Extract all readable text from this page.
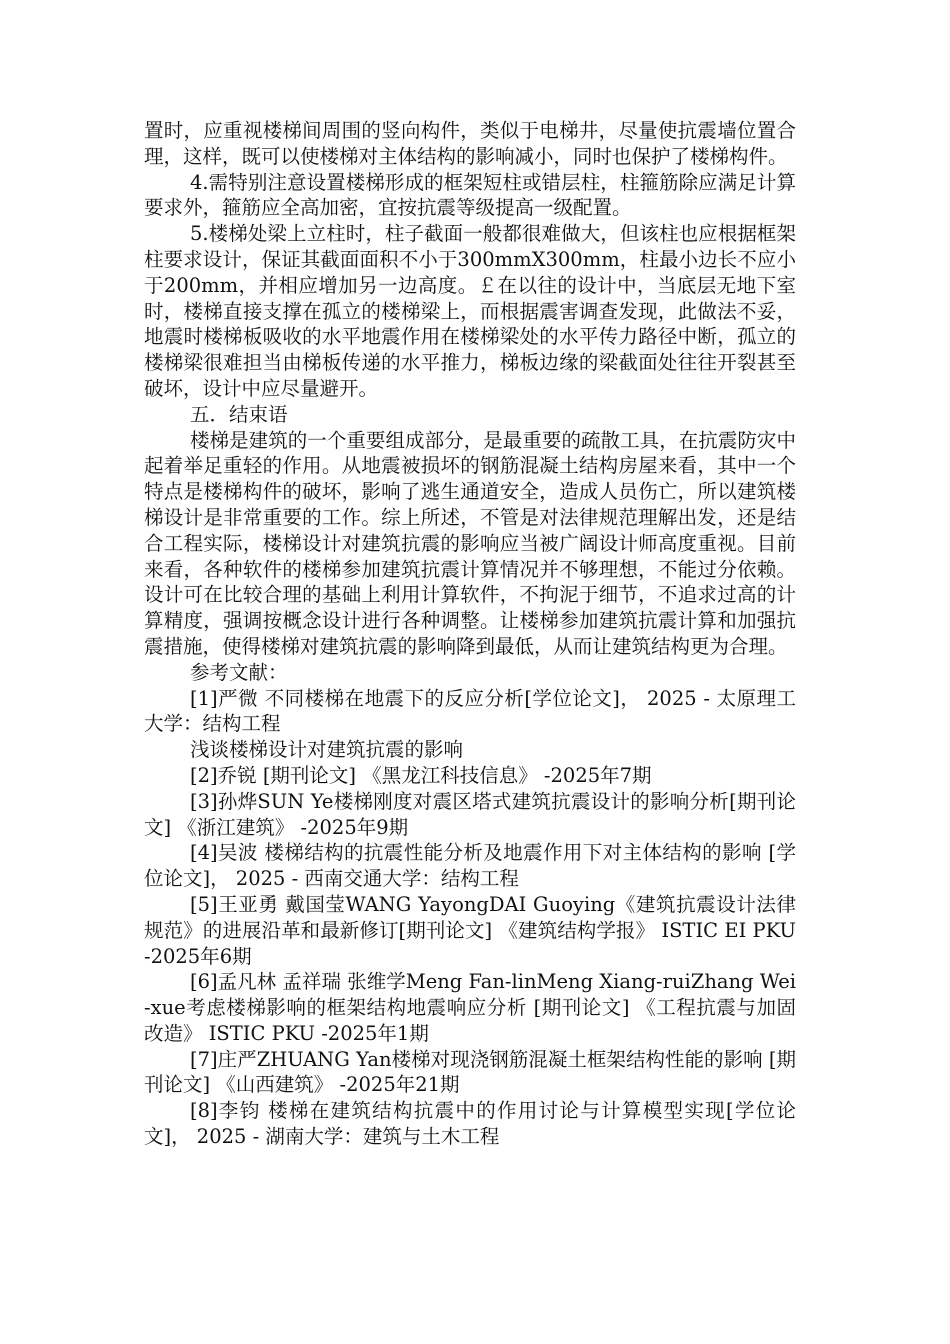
置时，应重视楼梯间周围的竖向构件，类似于电梯井，尽量使抗震墙位置合理，这样，既可以使楼梯对主体结构的影响减小，同时也保护了楼梯构件。

4.需特别注意设置楼梯形成的框架短柱或错层柱，柱箍筋除应满足计算要求外，箍筋应全高加密，宜按抗震等级提高一级配置。

5.楼梯处梁上立柱时，柱子截面一般都很难做大，但该柱也应根据框架柱要求设计，保证其截面面积不小于300mmX300mm，柱最小边长不应小于200mm，并相应增加另一边高度。￡在以往的设计中，当底层无地下室时，楼梯直接支撑在孤立的楼梯梁上，而根据震害调查发现，此做法不妥，地震时楼梯板吸收的水平地震作用在楼梯梁处的水平传力路径中断，孤立的楼梯梁很难担当由梯板传递的水平推力，梯板边缘的梁截面处往往开裂甚至破坏，设计中应尽量避开。

五．结束语

楼梯是建筑的一个重要组成部分，是最重要的疏散工具，在抗震防灾中起着举足重轻的作用。从地震被损坏的钢筋混凝土结构房屋来看，其中一个特点是楼梯构件的破坏，影响了逃生通道安全，造成人员伤亡，所以建筑楼梯设计是非常重要的工作。综上所述，不管是对法律规范理解出发，还是结合工程实际，楼梯设计对建筑抗震的影响应当被广阔设计师高度重视。目前来看，各种软件的楼梯参加建筑抗震计算情况并不够理想，不能过分依赖。设计可在比较合理的基础上利用计算软件，不拘泥于细节，不追求过高的计算精度，强调按概念设计进行各种调整。让楼梯参加建筑抗震计算和加强抗震措施，使得楼梯对建筑抗震的影响降到最低，从而让建筑结构更为合理。

参考文献：

[1]严微 不同楼梯在地震下的反应分析[学位论文]， 2025 - 太原理工大学：结构工程

浅谈楼梯设计对建筑抗震的影响

[2]乔锐 [期刊论文] 《黑龙江科技信息》 -2025年7期

[3]孙烨SUN Ye楼梯刚度对震区塔式建筑抗震设计的影响分析[期刊论文] 《浙江建筑》 -2025年9期

[4]吴波 楼梯结构的抗震性能分析及地震作用下对主体结构的影响 [学位论文]， 2025 - 西南交通大学：结构工程

[5]王亚勇 戴国莹WANG YayongDAI Guoying《建筑抗震设计法律规范》的进展沿革和最新修订[期刊论文] 《建筑结构学报》 ISTIC EI PKU -2025年6期

[6]孟凡林 孟祥瑞 张维学Meng Fan-linMeng Xiang-ruiZhang Wei-xue考虑楼梯影响的框架结构地震响应分析 [期刊论文] 《工程抗震与加固改造》 ISTIC PKU -2025年1期

[7]庄严ZHUANG Yan楼梯对现浇钢筋混凝土框架结构性能的影响 [期刊论文] 《山西建筑》 -2025年21期

[8]李钧 楼梯在建筑结构抗震中的作用讨论与计算模型实现[学位论文]， 2025 - 湖南大学：建筑与土木工程
